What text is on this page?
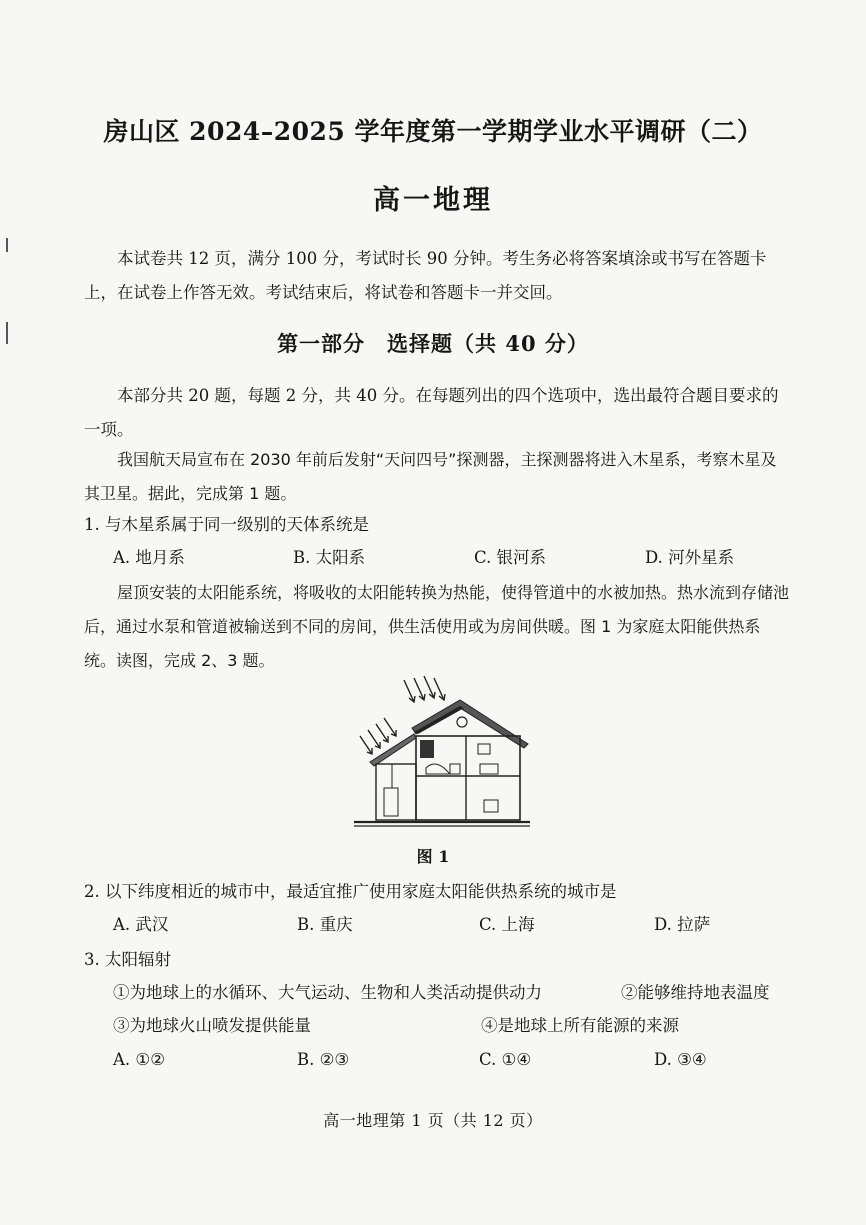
房山区 2024–2025 学年度第一学期学业水平调研（二）
高一地理
本试卷共 12 页，满分 100 分，考试时长 90 分钟。考生务必将答案填涂或书写在答题卡上，在试卷上作答无效。考试结束后，将试卷和答题卡一并交回。
第一部分　选择题（共 40 分）
本部分共 20 题，每题 2 分，共 40 分。在每题列出的四个选项中，选出最符合题目要求的一项。
我国航天局宣布在 2030 年前后发射“天问四号”探测器，主探测器将进入木星系，考察木星及其卫星。据此，完成第 1 题。
1. 与木星系属于同一级别的天体系统是
A. 地月系	B. 太阳系	C. 银河系	D. 河外星系
屋顶安装的太阳能系统，将吸收的太阳能转换为热能，使得管道中的水被加热。热水流到存储池后，通过水泵和管道被输送到不同的房间，供生活使用或为房间供暖。图 1 为家庭太阳能供热系统。读图，完成 2、3 题。
图 1
2. 以下纬度相近的城市中，最适宜推广使用家庭太阳能供热系统的城市是
A. 武汉	B. 重庆	C. 上海	D. 拉萨
3. 太阳辐射
①为地球上的水循环、大气运动、生物和人类活动提供动力	②能够维持地表温度
③为地球火山喷发提供能量	④是地球上所有能源的来源
A. ①②	B. ②③	C. ①④	D. ③④
高一地理第 1 页（共 12 页）
